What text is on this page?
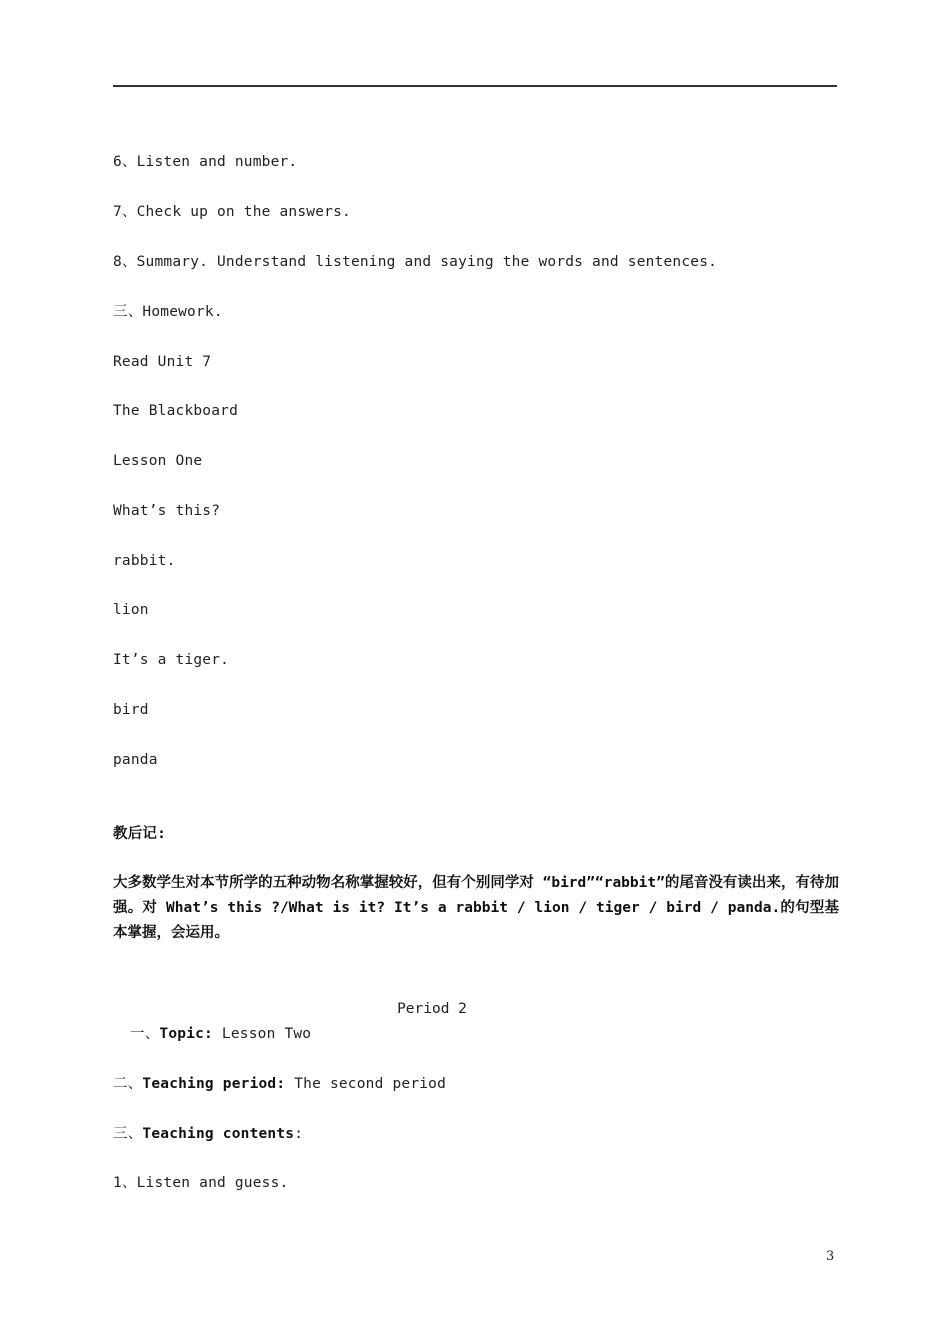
6、Listen and number.
7、Check up on the answers.
8、Summary. Understand listening and saying the words and sentences.
三、Homework.
Read Unit 7
The Blackboard
Lesson One
What’s this?
rabbit.
lion
It’s a tiger.
bird
panda
教后记:
大多数学生对本节所学的五种动物名称掌握较好，但有个别同学对 “bird”“rabbit”的尾音没有读出来，有待加强。对 What’s this ?/What is it? It’s a rabbit / lion / tiger / bird / panda.的句型基本掌握，会运用。
Period 2
一、Topic: Lesson Two
二、Teaching period: The second period
三、Teaching contents:
1、Listen and guess.
3
